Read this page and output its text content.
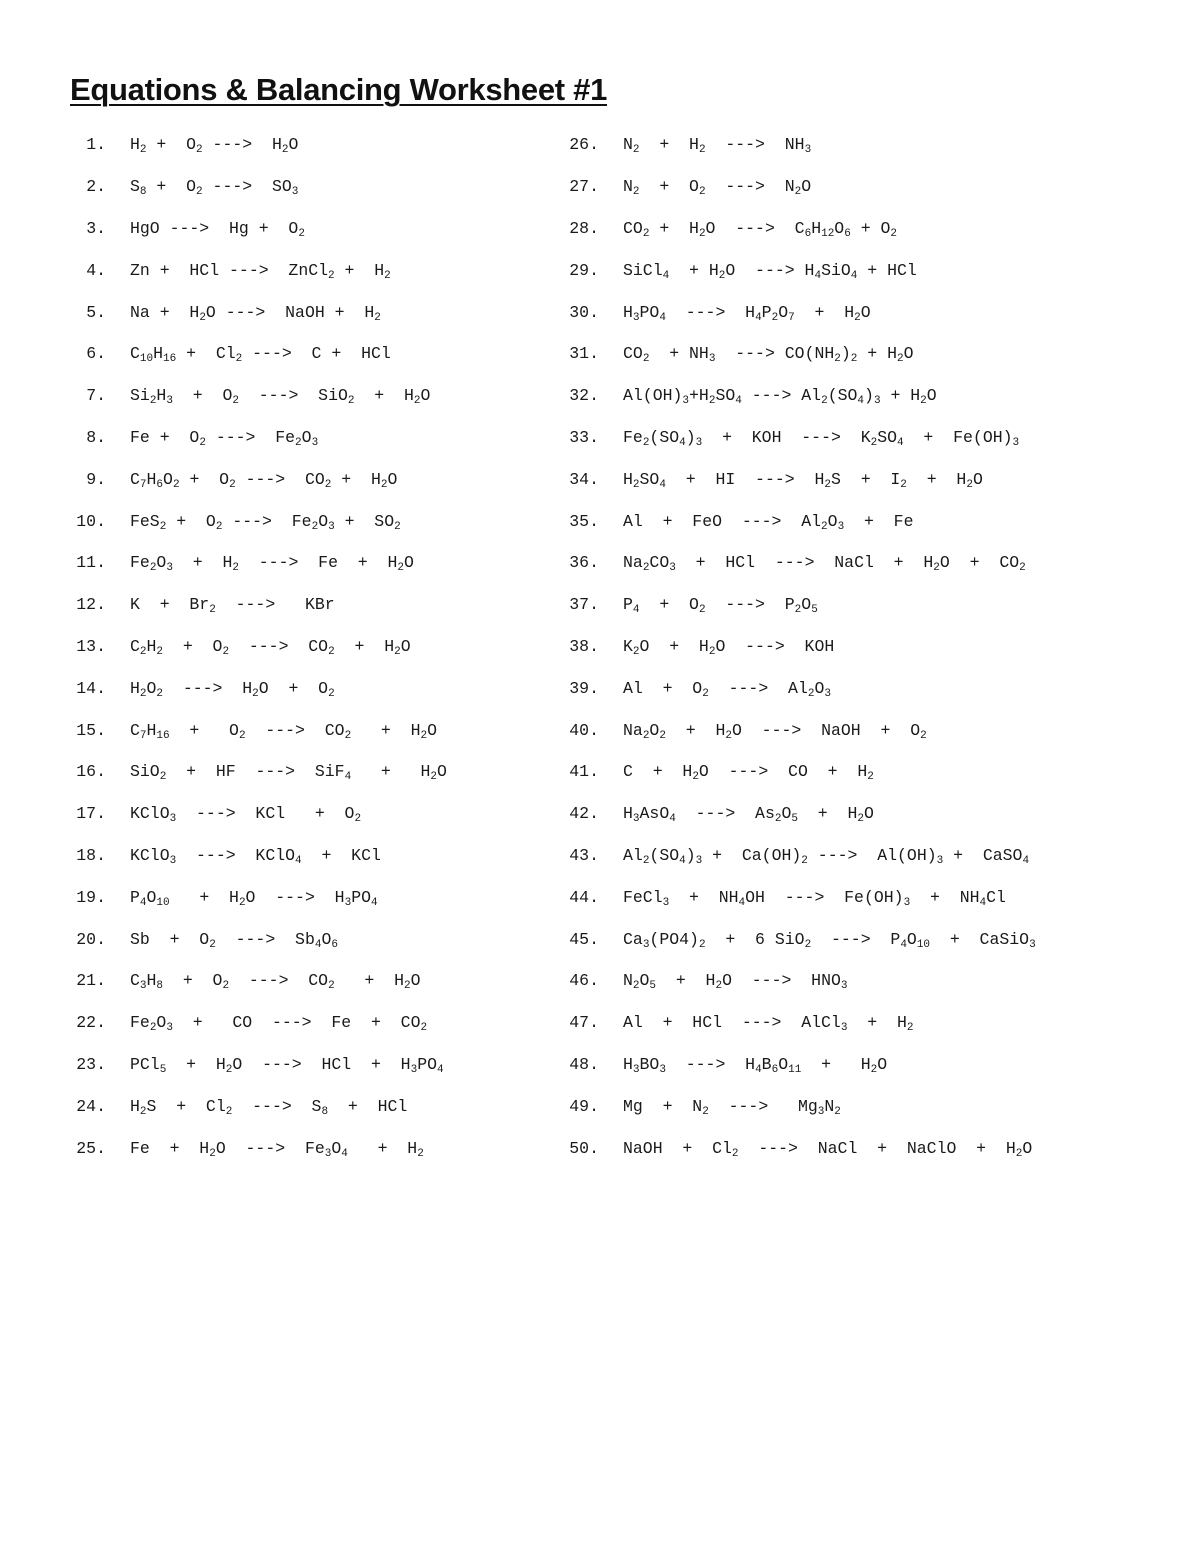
Equations & Balancing Worksheet #1
1. $H_2 + O_2$ --->  $H_2O$
2. $S_8 + O_2$ --->  $SO_3$
3. HgO --->  $Hg + O_2$
4. Zn +  HCl --->  ZnCl$_2$ +  $H_2$
5. $Na + H_2O$ --->  NaOH +  $H_2$
6. $C_{10}H_{16} + Cl_2$ --->  C +  HCl
7. $Si_2H_3 + O_2$  --->  $SiO_2 + H_2O$
8. $Fe + O_2$ --->  $Fe_2O_3$
9. $C_7H_6O_2 + O_2$ --->  $CO_2 + H_2O$
10. $FeS_2 + O_2$ --->  $Fe_2O_3 + SO_2$
11. $Fe_2O_3 + H_2$  --->  $Fe + H_2O$
12. $K + Br_2$  --->   KBr
13. $C_2H_2 + O_2$  --->  $CO_2 + H_2O$
14. $H_2O_2$  --->  $H_2O + O_2$
15. $C_7H_{16} + O_2$  --->  $CO_2 + H_2O$
16. SiO$_2$  +  HF  --->  $SiF_4 + H_2O$
17. KClO$_3$  --->  KCl   +  $O_2$
18. KClO$_3$  --->  KClO$_4$  +  KCl
19. $P_4O_{10} + H_2O$  --->  $H_3PO_4$
20. $Sb + O_2$  --->  $Sb_4O_6$
21. $C_3H_8 + O_2$  --->  $CO_2 + H_2O$
22. $Fe_2O_3$  +   CO  --->  $Fe + CO_2$
23. $PCl_5 + H_2O$  --->  HCl  +  $H_3PO_4$
24. $H_2S + Cl_2$  --->  $S_8$  +  HCl
25. $Fe + H_2O$  --->  $Fe_3O_4 + H_2$
26. $N_2 + H_2$  --->  $NH_3$
27. $N_2 + O_2$  --->  $N_2O$
28. $CO_2 + H_2O$  --->  $C_6H_{12}O_6 + O_2$
29. SiCl$_4$  + $H_2O$  ---> $H_4SiO_4$ + HCl
30. $H_3PO_4$  --->  $H_4P_2O_7 + H_2O$
31. $CO_2 + NH_3$  ---> $CO(NH_2)_2 + H_2O$
32. $Al(OH)_3+H_2SO_4$ ---> $Al_2(SO_4)_3 + H_2O$
33. $Fe_2(SO_4)_3$  +  KOH  --->  $K_2SO_4 + Fe(OH)_3$
34. $H_2SO_4$  +  HI  --->  $H_2S + I_2 + H_2O$
35. Al  +  FeO  --->  $Al_2O_3 + Fe$
36. $Na_2CO_3$  +  HCl  --->  NaCl  +  $H_2O + CO_2$
37. $P_4 + O_2$  --->  $P_2O_5$
38. $K_2O + H_2O$  --->  KOH
39. $Al + O_2$  --->  $Al_2O_3$
40. $Na_2O_2 + H_2O$  --->  NaOH  +  $O_2$
41. $C + H_2O$  --->  CO  +  $H_2$
42. $H_3AsO_4$  --->  $As_2O_5 + H_2O$
43. $Al_2(SO_4)_3 + Ca(OH)_2$ --->  $Al(OH)_3$ +  CaSO$_4$
44. FeCl$_3$  +  $NH_4OH$  --->  $Fe(OH)_3 + NH_4Cl$
45. $Ca_3(PO4)_2 + 6$ SiO$_2$  --->  $P_4O_{10}$  +  CaSiO$_3$
46. $N_2O_5 + H_2O$  --->  $HNO_3$
47. Al  +  HCl  --->  AlCl$_3$  +  $H_2$
48. $H_3BO_3$  --->  $H_4B_6O_{11} + H_2O$
49. $Mg + N_2$  --->   $Mg_3N_2$
50. NaOH  +  $Cl_2$  --->  NaCl  +  NaClO  +  $H_2O$
